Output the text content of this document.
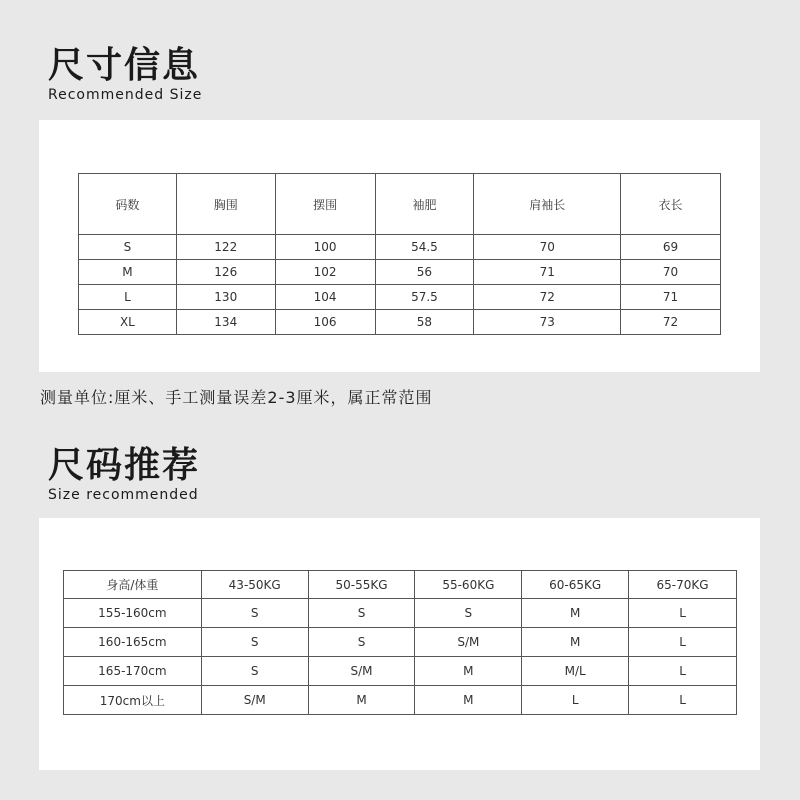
尺寸信息
Recommended Size
码数	胸围	摆围	袖肥	肩袖长	衣长
S	122	100	54.5	70	69
M	126	102	56	71	70
L	130	104	57.5	72	71
XL	134	106	58	73	72
测量单位:厘米、手工测量误差2-3厘米，属正常范围
尺码推荐
Size recommended
身高/体重	43-50KG	50-55KG	55-60KG	60-65KG	65-70KG
155-160cm	S	S	S	M	L
160-165cm	S	S	S/M	M	L
165-170cm	S	S/M	M	M/L	L
170cm以上	S/M	M	M	L	L
